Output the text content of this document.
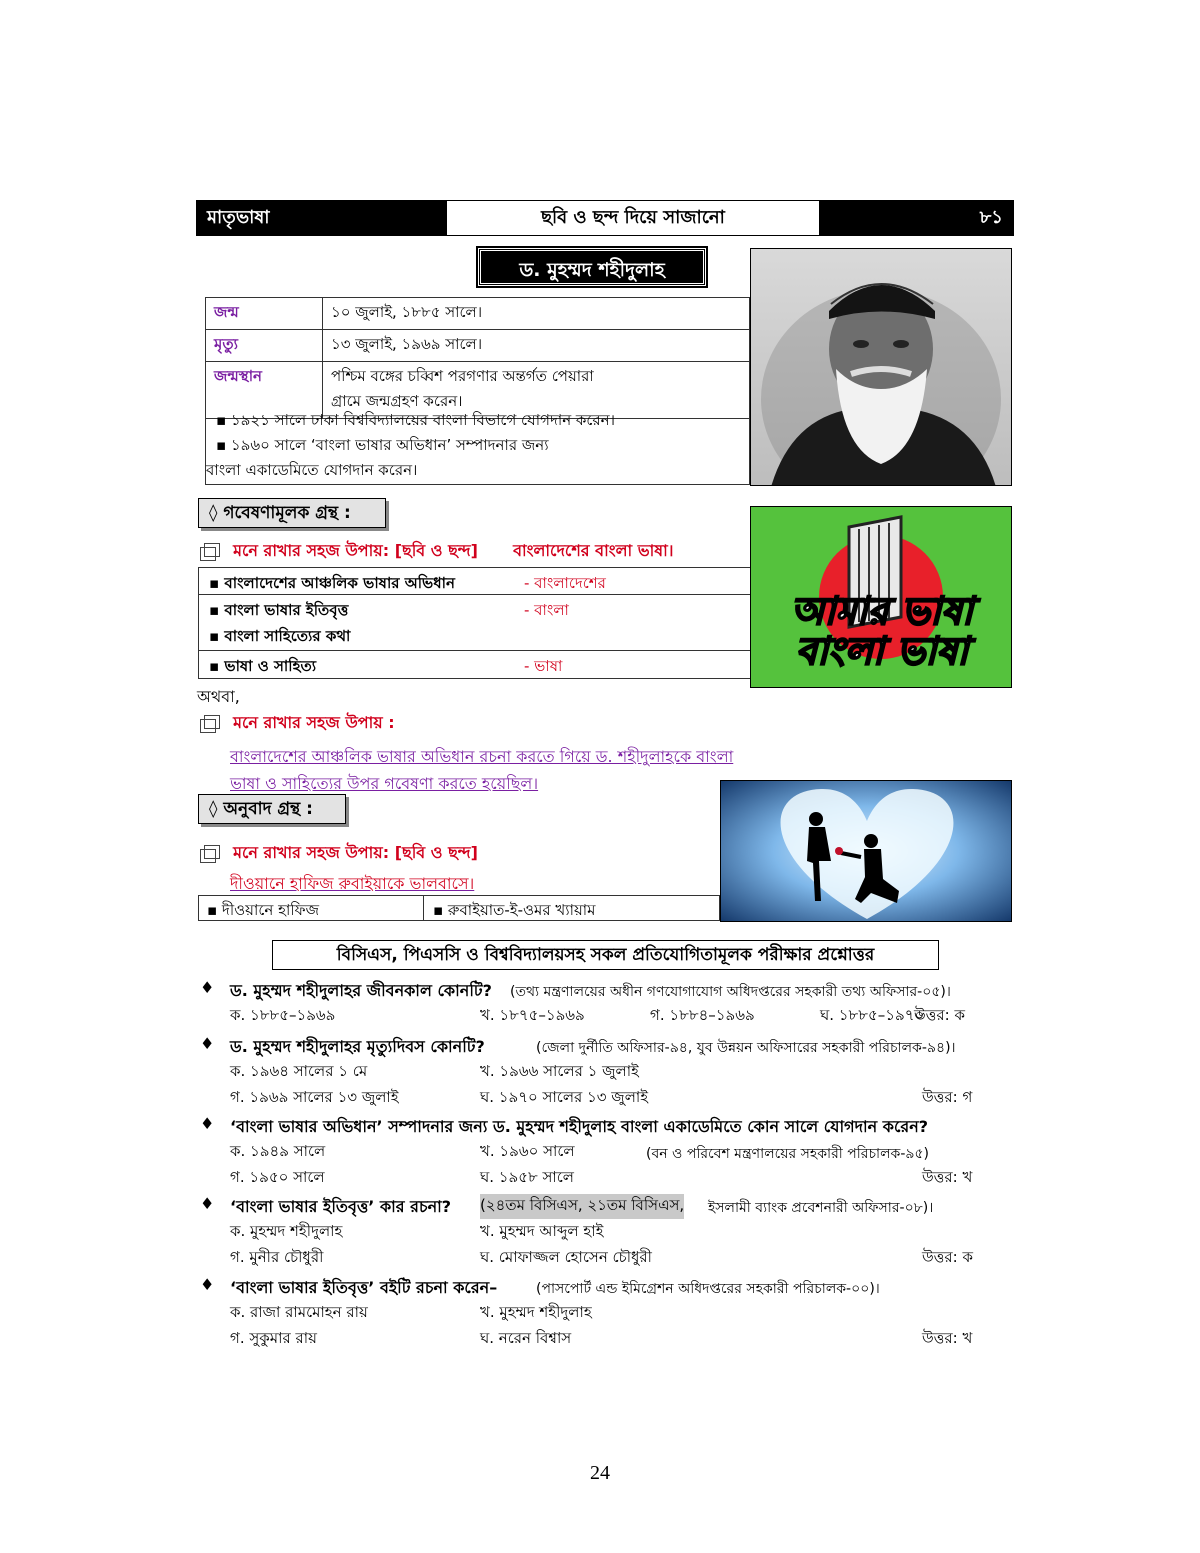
মাতৃভাষা	ছবি ও ছন্দ দিয়ে সাজানো	৮১
ড. মুহম্মদ শহীদুলাহ
জন্ম	১০ জুলাই, ১৮৮৫ সালে।
মৃত্যু	১৩ জুলাই, ১৯৬৯ সালে।
জন্মস্থান	পশ্চিম বঙ্গের চব্বিশ পরগণার অন্তর্গত পেয়ারা
গ্রামে জন্মগ্রহণ করেন।
▪ ১৯২১ সালে ঢাকা বিশ্ববিদ্যালয়ের বাংলা বিভাগে যোগদান করেন।
▪ ১৯৬০ সালে ‘বাংলা ভাষার অভিধান’ সম্পাদনার জন্য
বাংলা একাডেমিতে যোগদান করেন।
◊ গবেষণামূলক গ্রন্থ :
মনে রাখার সহজ উপায়: [ছবি ও ছন্দ] বাংলাদেশের বাংলা ভাষা।
▪ বাংলাদেশের আঞ্চলিক ভাষার অভিধান	- বাংলাদেশের
▪ বাংলা ভাষার ইতিবৃত্ত	- বাংলা
▪ বাংলা সাহিত্যের কথা
▪ ভাষা ও সাহিত্য	- ভাষা
আমার ভাষা
বাংলা ভাষা
অথবা,
মনে রাখার সহজ উপায় :
বাংলাদেশের আঞ্চলিক ভাষার অভিধান রচনা করতে গিয়ে ড. শহীদুলাহকে বাংলা
ভাষা ও সাহিত্যের উপর গবেষণা করতে হয়েছিল।
◊ অনুবাদ গ্রন্থ :
মনে রাখার সহজ উপায়: [ছবি ও ছন্দ]
দীওয়ানে হাফিজ রুবাইয়াকে ভালবাসে।
▪ দীওয়ানে হাফিজ	▪ রুবাইয়াত-ই-ওমর খ্যায়াম
বিসিএস, পিএসসি ও বিশ্ববিদ্যালয়সহ সকল প্রতিযোগিতামূলক পরীক্ষার প্রশ্নোত্তর
♦ ড. মুহম্মদ শহীদুলাহর জীবনকাল কোনটি? (তথ্য মন্ত্রণালয়ের অধীন গণযোগাযোগ অধিদপ্তরের সহকারী তথ্য অফিসার-০৫)।
ক. ১৮৮৫–১৯৬৯	খ. ১৮৭৫–১৯৬৯	গ. ১৮৮৪–১৯৬৯	ঘ. ১৮৮৫–১৯৭০
উত্তর: ক
♦ ড. মুহম্মদ শহীদুলাহর মৃত্যুদিবস কোনটি?	(জেলা দুর্নীতি অফিসার-৯৪, যুব উন্নয়ন অফিসারের সহকারী পরিচালক-৯৪)।
ক. ১৯৬৪ সালের ১ মে	খ. ১৯৬৬ সালের ১ জুলাই
গ. ১৯৬৯ সালের ১৩ জুলাই	ঘ. ১৯৭০ সালের ১৩ জুলাই	উত্তর: গ
♦ ‘বাংলা ভাষার অভিধান’ সম্পাদনার জন্য ড. মুহম্মদ শহীদুলাহ বাংলা একাডেমিতে কোন সালে যোগদান করেন?
ক. ১৯৪৯ সালে	খ. ১৯৬০ সালে	(বন ও পরিবেশ মন্ত্রণালয়ের সহকারী পরিচালক-৯৫)
গ. ১৯৫০ সালে	ঘ. ১৯৫৮ সালে	উত্তর: খ
♦ ‘বাংলা ভাষার ইতিবৃত্ত’ কার রচনা? (২৪তম বিসিএস, ২১তম বিসিএস, ইসলামী ব্যাংক প্রবেশনারী অফিসার-০৮)।
ক. মুহম্মদ শহীদুলাহ	খ. মুহম্মদ আব্দুল হাই
গ. মুনীর চৌধুরী	ঘ. মোফাজ্জল হোসেন চৌধুরী	উত্তর: ক
♦ ‘বাংলা ভাষার ইতিবৃত্ত’ বইটি রচনা করেন–	(পাসপোর্ট এন্ড ইমিগ্রেশন অধিদপ্তরের সহকারী পরিচালক-০০)।
ক. রাজা রামমোহন রায়	খ. মুহম্মদ শহীদুলাহ
গ. সুকুমার রায়	ঘ. নরেন বিশ্বাস	উত্তর: খ
24
